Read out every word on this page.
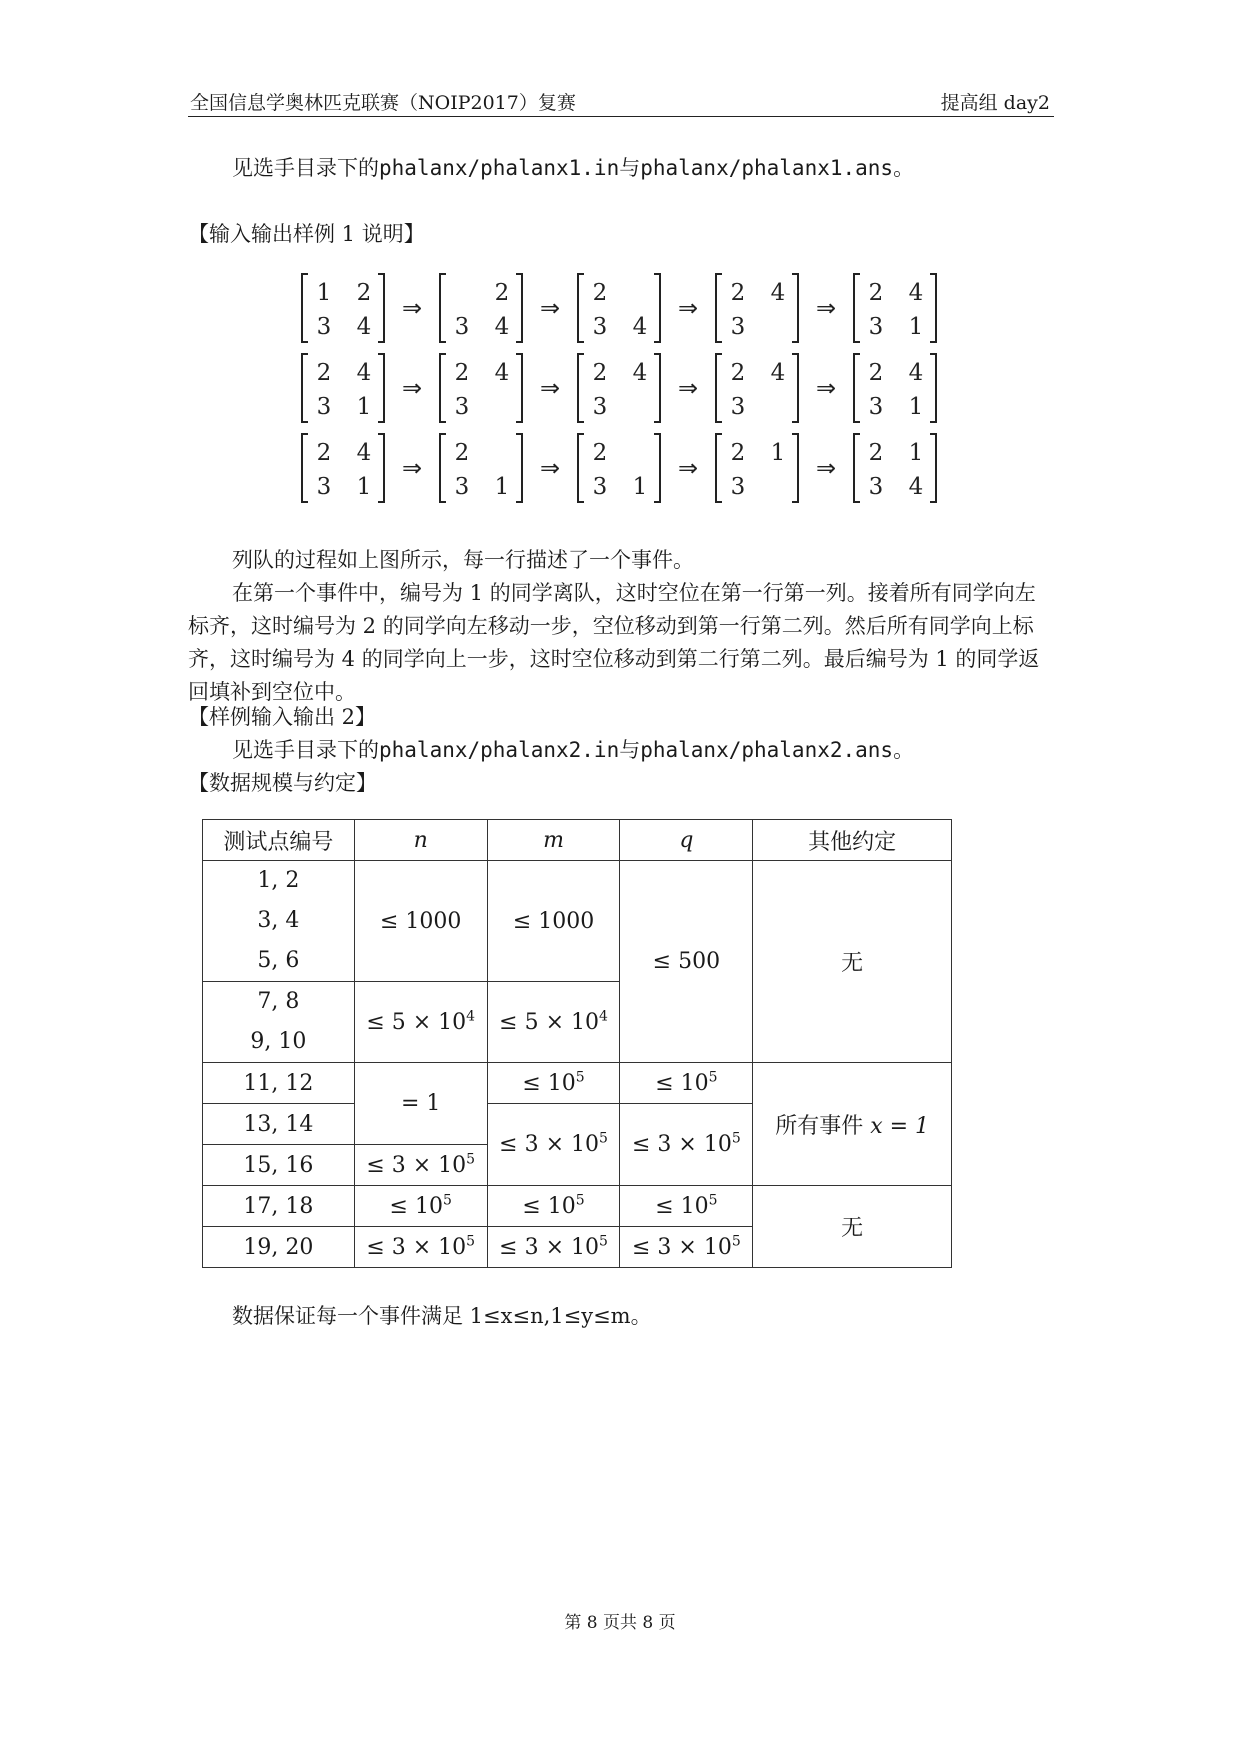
全国信息学奥林匹克联赛（NOIP2017）复赛	提高组 day2
见选手目录下的phalanx/phalanx1.in与phalanx/phalanx1.ans。
【输入输出样例 1 说明】
1 2
3 4
⇒
2
3 4
⇒
2
3 4
⇒
2 4
3
⇒
2 4
3 1
2 4
3 1
⇒
2 4
3
⇒
2 4
3
⇒
2 4
3
⇒
2 4
3 1
2 4
3 1
⇒
2
3 1
⇒
2
3 1
⇒
2 1
3
⇒
2 1
3 4

列队的过程如上图所示，每一行描述了一个事件。

在第一个事件中，编号为 1 的同学离队，这时空位在第一行第一列。接着所有同学向左标齐，这时编号为 2 的同学向左移动一步，空位移动到第一行第二列。然后所有同学向上标齐，这时编号为 4 的同学向上一步，这时空位移动到第二行第二列。最后编号为 1 的同学返回填补到空位中。

【样例输入输出 2】
见选手目录下的phalanx/phalanx2.in与phalanx/phalanx2.ans。
【数据规模与约定】
测试点编号	n	m	q	其他约定

1, 2
3, 4
5, 6	≤ 1000	≤ 1000	≤ 500	无

7, 8
9, 10	≤ $5 \times 10^4$	≤ $5 \times 10^4$
11, 12	= 1	≤ $10^5$	≤ $10^5$	所有事件 x = 1
13, 14		≤ $3 \times 10^5$	≤ $3 \times 10^5$
15, 16	≤ $3 \times 10^5$
17, 18	≤ $10^5$	≤ $10^5$	≤ $10^5$	无
19, 20	≤ $3 \times 10^5$	≤ $3 \times 10^5$	≤ $3 \times 10^5$
数据保证每一个事件满足 1≤x≤n,1≤y≤m。
第 8 页共 8 页
